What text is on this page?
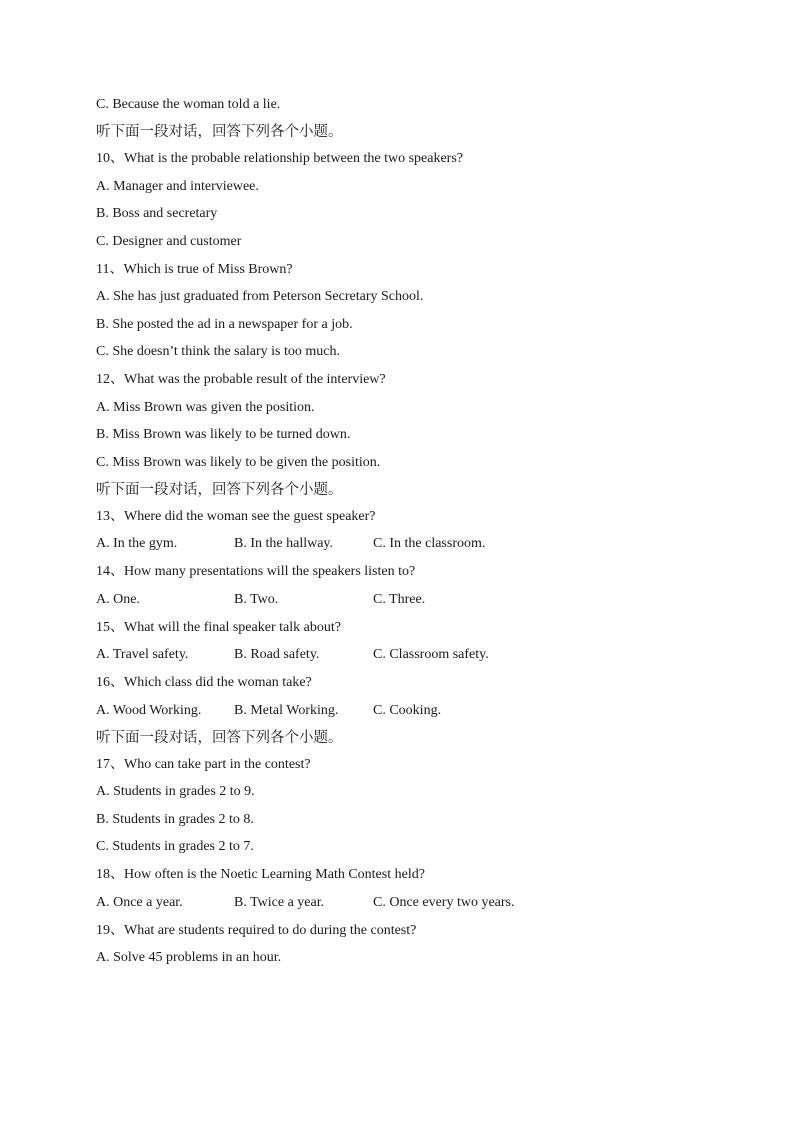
C. Because the woman told a lie.
听下面一段对话，回答下列各个小题。
10、What is the probable relationship between the two speakers?
A. Manager and interviewee.
B. Boss and secretary
C. Designer and customer
11、Which is true of Miss Brown?
A. She has just graduated from Peterson Secretary School.
B. She posted the ad in a newspaper for a job.
C. She doesn’t think the salary is too much.
12、What was the probable result of the interview?
A. Miss Brown was given the position.
B. Miss Brown was likely to be turned down.
C. Miss Brown was likely to be given the position.
听下面一段对话，回答下列各个小题。
13、Where did the woman see the guest speaker?
A. In the gym.	B. In the hallway.	C. In the classroom.
14、How many presentations will the speakers listen to?
A. One.	B. Two.	C. Three.
15、What will the final speaker talk about?
A. Travel safety.	B. Road safety.	C. Classroom safety.
16、Which class did the woman take?
A. Wood Working.	B. Metal Working.	C. Cooking.
听下面一段对话，回答下列各个小题。
17、Who can take part in the contest?
A. Students in grades 2 to 9.
B. Students in grades 2 to 8.
C. Students in grades 2 to 7.
18、How often is the Noetic Learning Math Contest held?
A. Once a year.	B. Twice a year.	C. Once every two years.
19、What are students required to do during the contest?
A. Solve 45 problems in an hour.
